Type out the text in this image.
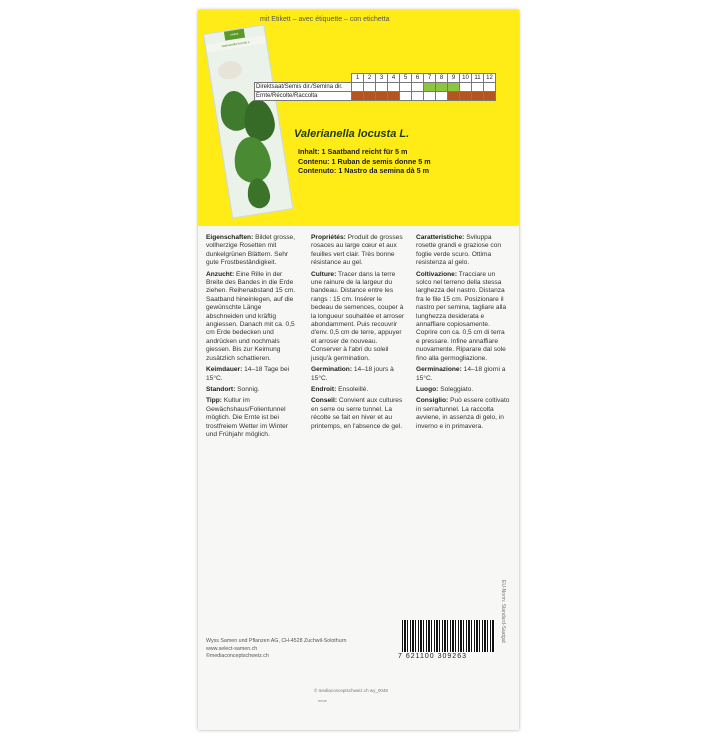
mit Etikett – avec étiquette – con etichetta
select
Valerianella locusta L.
	1	2	3	4	5	6	7	8	9	10	11	12
Direktsaat/Semis dir./Semina dir.												
Ernte/Récolte/Raccolta												
Valerianella locusta L.
Inhalt: 1 Saatband reicht für 5 m
Contenu: 1 Ruban de semis donne 5 m
Contenuto: 1 Nastro da semina dà 5 m

Eigenschaften: Bildet grosse, vollherzige Rosetten mit dunkelgrünen Blättern. Sehr gute Frostbeständigkeit.

Anzucht: Eine Rille in der Breite des Bandes in die Erde ziehen. Reihenabstand 15 cm. Saatband hineinlegen, auf die gewünschte Länge abschneiden und kräftig angiessen. Danach mit ca. 0,5 cm Erde bedecken und andrücken und nochmals giessen. Bis zur Keimung zusätzlich schattieren.

Keimdauer: 14–18 Tage bei 15°C.

Standort: Sonnig.

Tipp: Kultur im Gewächshaus/Folientunnel möglich. Die Ernte ist bei trostfreiem Wetter im Winter und Frühjahr möglich.

Propriétés: Produit de grosses rosaces au large cœur et aux feuilles vert clair. Très bonne résistance au gel.

Culture: Tracer dans la terre une rainure de la largeur du bandeau. Distance entre les rangs : 15 cm. Insérer le bedeau de semences, couper à la longueur souhaitée et arroser abondamment. Puis recouvrir d'env. 0,5 cm de terre, appuyer et arroser de nouveau. Conserver à l'abri du soleil jusqu'à germination.

Germination: 14–18 jours à 15°C.

Endroit: Ensoleillé.

Conseil: Convient aux cultures en serre ou serre tunnel. La récolte se fait en hiver et au printemps, en l'absence de gel.

Caratteristiche: Sviluppa rosette grandi e graziose con foglie verde scuro. Ottima resistenza al gelo.

Coltivazione: Tracciare un solco nel terreno della stessa larghezza del nastro. Distanza fra le file 15 cm. Posizionare il nastro per semina, tagliare alla lunghezza desiderata e annaffiare copiosamente. Coprire con ca. 0,5 cm di terra e pressare. Infine annaffiare nuovamente. Riparare dal sole fino alla germogliazione.

Germinazione: 14–18 giorni a 15°C.

Luogo: Soleggiato.

Consiglio: Può essere coltivato in serra/tunnel. La raccolta avviene, in assenza di gelo, in inverno e in primavera.

Wyss Samen und Pflanzen AG, CH-4528 Zuchwil-Solothurn
www.select-samen.ch
©mediaconceptschweiz.ch	7 621100 309263
EU-Norm: Standard-Saatgut
© mediaconceptschweiz.ch wy_0048
neue
